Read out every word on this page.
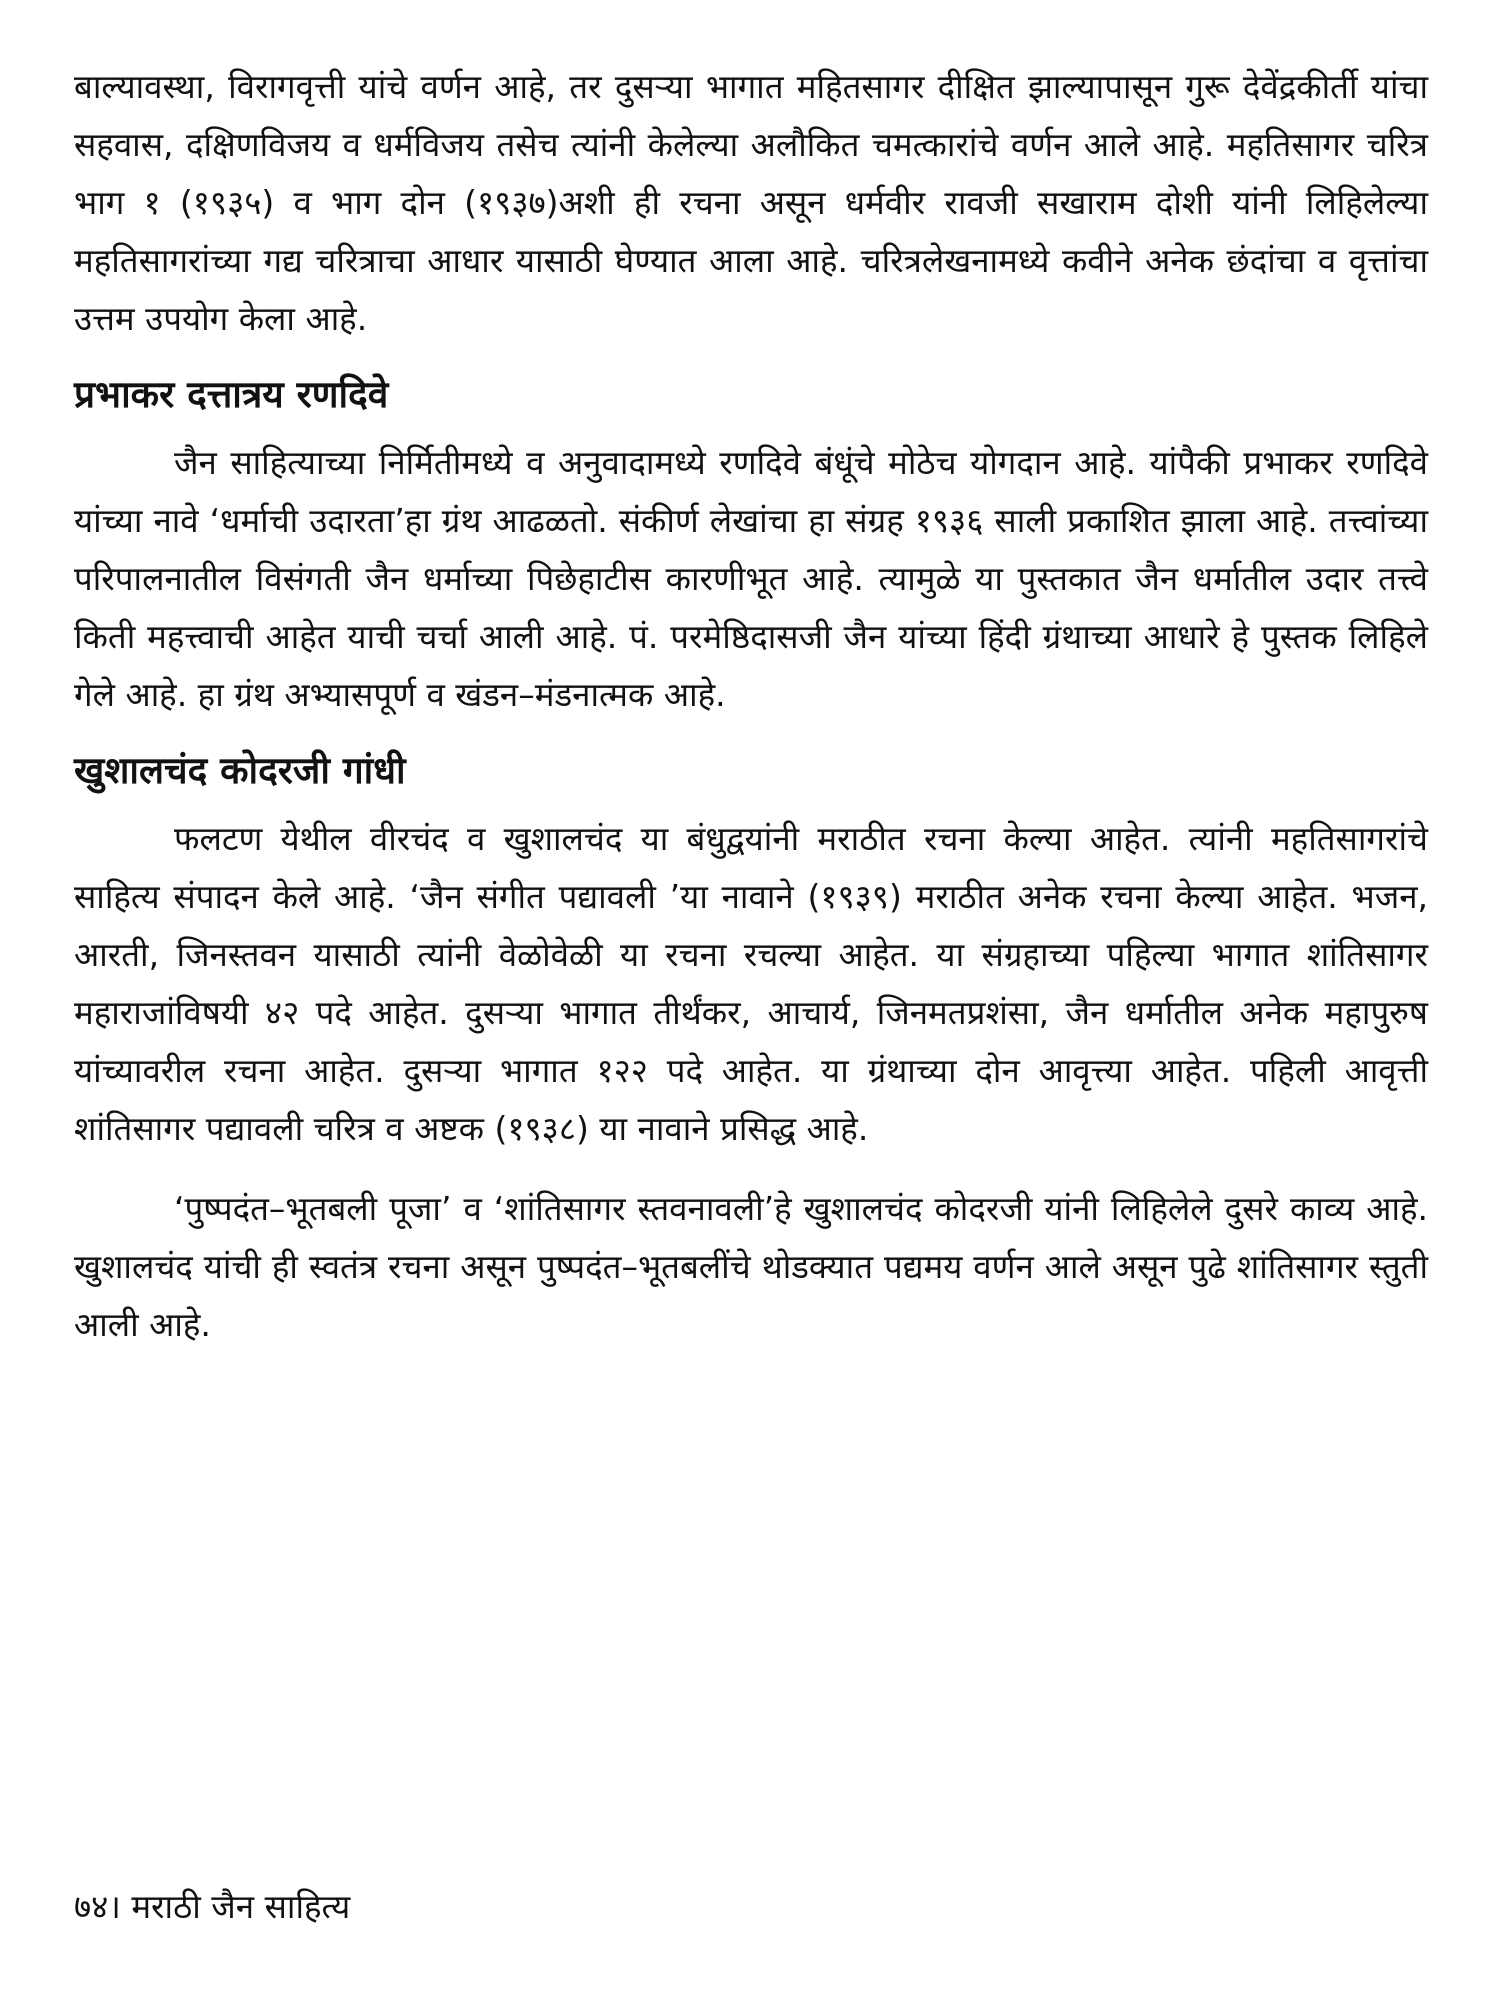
बाल्यावस्था, विरागवृत्ती यांचे वर्णन आहे, तर दुसऱ्या भागात महितसागर दीक्षित झाल्यापासून गुरू देवेंद्रकीर्ती यांचा सहवास, दक्षिणविजय व धर्मविजय तसेच त्यांनी केलेल्या अलौकित चमत्कारांचे वर्णन आले आहे. महतिसागर चरित्र भाग १ (१९३५) व भाग दोन (१९३७)अशी ही रचना असून धर्मवीर रावजी सखाराम दोशी यांनी लिहिलेल्या महतिसागरांच्या गद्य चरित्राचा आधार यासाठी घेण्यात आला आहे. चरित्रलेखनामध्ये कवीने अनेक छंदांचा व वृत्तांचा उत्तम उपयोग केला आहे.

प्रभाकर दत्तात्रय रणदिवे

जैन साहित्याच्या निर्मितीमध्ये व अनुवादामध्ये रणदिवे बंधूंचे मोठेच योगदान आहे. यांपैकी प्रभाकर रणदिवे यांच्या नावे ‘धर्माची उदारता’हा ग्रंथ आढळतो. संकीर्ण लेखांचा हा संग्रह १९३६ साली प्रकाशित झाला आहे. तत्त्वांच्या परिपालनातील विसंगती जैन धर्माच्या पिछेहाटीस कारणीभूत आहे. त्यामुळे या पुस्तकात जैन धर्मातील उदार तत्त्वे किती महत्त्वाची आहेत याची चर्चा आली आहे. पं. परमेष्ठिदासजी जैन यांच्या हिंदी ग्रंथाच्या आधारे हे पुस्तक लिहिले गेले आहे. हा ग्रंथ अभ्यासपूर्ण व खंडन–मंडनात्मक आहे.

खुशालचंद कोदरजी गांधी

फलटण येथील वीरचंद व खुशालचंद या बंधुद्वयांनी मराठीत रचना केल्या आहेत. त्यांनी महतिसागरांचे साहित्य संपादन केले आहे. ‘जैन संगीत पद्यावली ’या नावाने (१९३९) मराठीत अनेक रचना केल्या आहेत. भजन, आरती, जिनस्तवन यासाठी त्यांनी वेळोवेळी या रचना रचल्या आहेत. या संग्रहाच्या पहिल्या भागात शांतिसागर महाराजांविषयी ४२ पदे आहेत. दुसऱ्या भागात तीर्थंकर, आचार्य, जिनमतप्रशंसा, जैन धर्मातील अनेक महापुरुष यांच्यावरील रचना आहेत. दुसऱ्या भागात १२२ पदे आहेत. या ग्रंथाच्या दोन आवृत्त्या आहेत. पहिली आवृत्ती शांतिसागर पद्यावली चरित्र व अष्टक (१९३८) या नावाने प्रसिद्ध आहे.

‘पुष्पदंत–भूतबली पूजा’ व ‘शांतिसागर स्तवनावली’हे खुशालचंद कोदरजी यांनी लिहिलेले दुसरे काव्य आहे. खुशालचंद यांची ही स्वतंत्र रचना असून पुष्पदंत–भूतबलींचे थोडक्यात पद्यमय वर्णन आले असून पुढे शांतिसागर स्तुती आली आहे.

७४। मराठी जैन साहित्य
